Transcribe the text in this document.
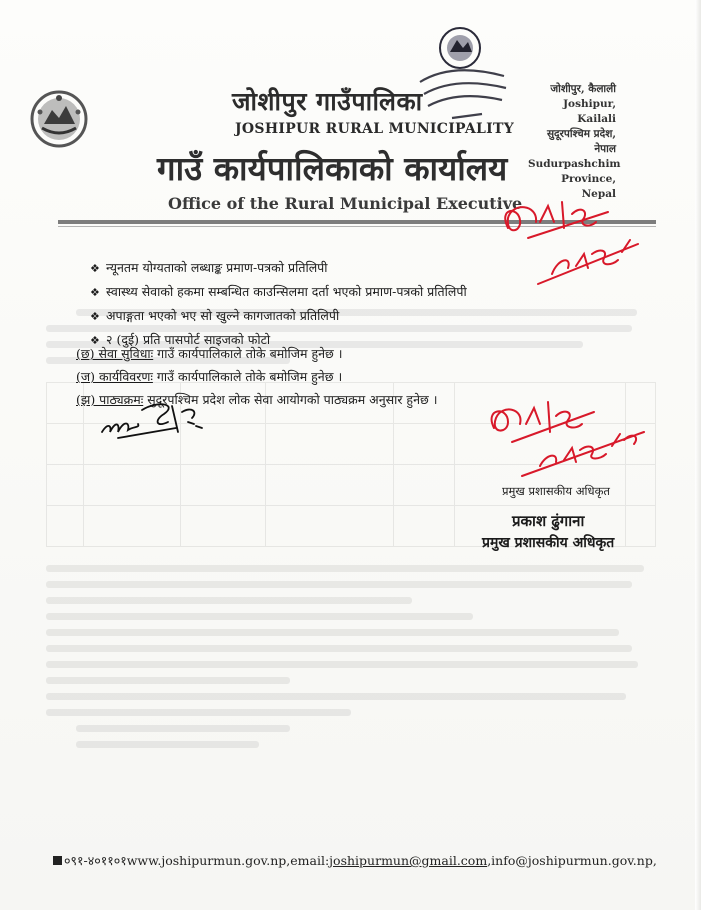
जोशीपुर गाउँपालिका
JOSHIPUR RURAL MUNICIPALITY
गाउँ कार्यपालिकाको कार्यालय
Office of the Rural Municipal Executive
जोशीपुर, कैलाली
Joshipur, Kailali
सुदूरपश्चिम प्रदेश, नेपाल
Sudurpashchim
Province, Nepal
❖ न्यूनतम योग्यताको लब्धाङ्क प्रमाण-पत्रको प्रतिलिपी
❖ स्वास्थ्य सेवाको हकमा सम्बन्धित काउन्सिलमा दर्ता भएको प्रमाण-पत्रको प्रतिलिपी
❖ अपाङ्गता भएको भए सो खुल्ने कागजातको प्रतिलिपी
❖ २ (दुई) प्रति पासपोर्ट साइजको फोटो
(छ) सेवा सुविधाः गाउँ कार्यपालिकाले तोके बमोजिम हुनेछ ।
(ज) कार्यविवरणः गाउँ कार्यपालिकाले तोके बमोजिम हुनेछ ।
(झ) पाठ्यक्रमः सुदूरपश्चिम प्रदेश लोक सेवा आयोगको पाठ्यक्रम अनुसार हुनेछ ।
प्रमुख प्रशासकीय अधिकृत
प्रकाश ढुंगाना
प्रमुख प्रशासकीय अधिकृत
०९१-४०११०१www.joshipurmun.gov.np,email:joshipurmun@gmail.com,info@joshipurmun.gov.np,
